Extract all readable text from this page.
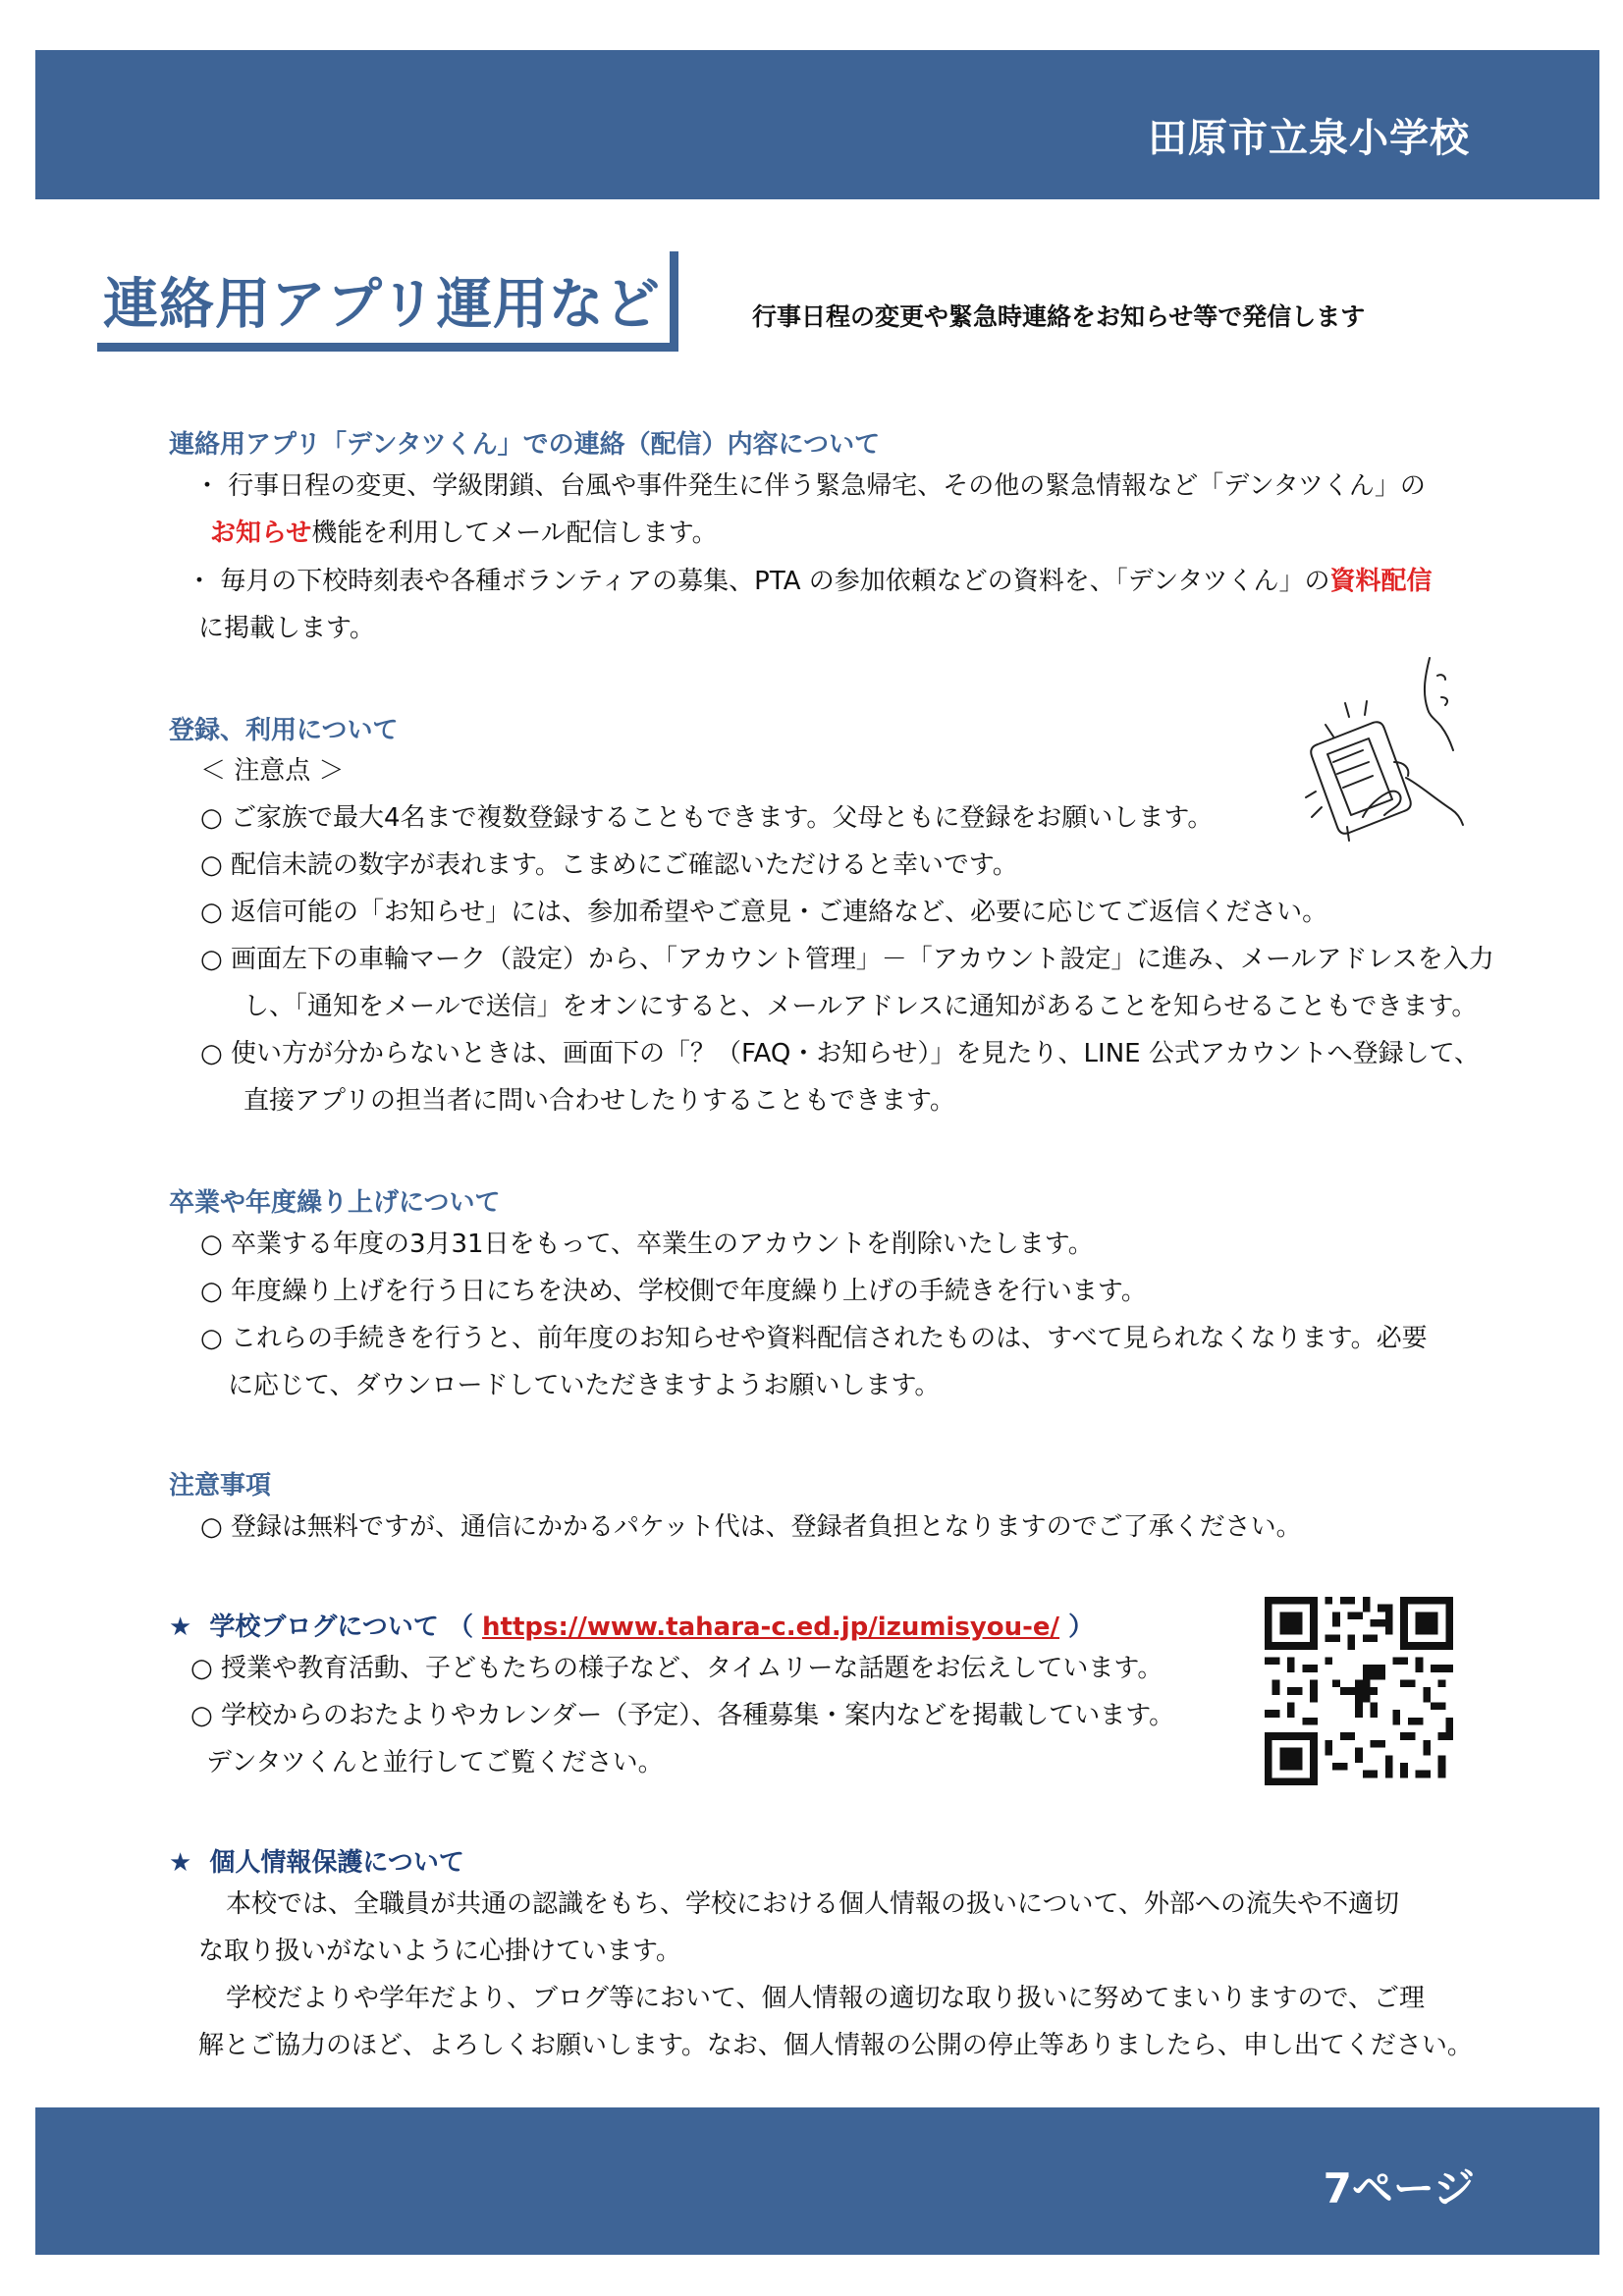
田原市立泉小学校
連絡用アプリ運用など	行事日程の変更や緊急時連絡をお知らせ等で発信します
連絡用アプリ「デンタツくん」での連絡（配信）内容について
・ 行事日程の変更、学級閉鎖、台風や事件発生に伴う緊急帰宅、その他の緊急情報など「デンタツくん」の
お知らせ機能を利用してメール配信します。
・ 毎月の下校時刻表や各種ボランティアの募集、PTA の参加依頼などの資料を、「デンタツくん」の資料配信
に掲載します。
登録、利用について
＜ 注意点 ＞
○ ご家族で最大4名まで複数登録することもできます。父母ともに登録をお願いします。
○ 配信未読の数字が表れます。こまめにご確認いただけると幸いです。
○ 返信可能の「お知らせ」には、参加希望やご意見・ご連絡など、必要に応じてご返信ください。
○ 画面左下の車輪マーク（設定）から、「アカウント管理」－「アカウント設定」に進み、メールアドレスを入力
し、「通知をメールで送信」をオンにすると、メールアドレスに通知があることを知らせることもできます。
○ 使い方が分からないときは、画面下の「？（FAQ・お知らせ）」を見たり、LINE 公式アカウントへ登録して、
直接アプリの担当者に問い合わせしたりすることもできます。
卒業や年度繰り上げについて
○ 卒業する年度の3月31日をもって、卒業生のアカウントを削除いたします。
○ 年度繰り上げを行う日にちを決め、学校側で年度繰り上げの手続きを行います。
○ これらの手続きを行うと、前年度のお知らせや資料配信されたものは、すべて見られなくなります。必要
に応じて、ダウンロードしていただきますようお願いします。
注意事項
○ 登録は無料ですが、通信にかかるパケット代は、登録者負担となりますのでご了承ください。
★ 学校ブログについて （ https://www.tahara-c.ed.jp/izumisyou-e/ ）
○ 授業や教育活動、子どもたちの様子など、タイムリーな話題をお伝えしています。
○ 学校からのおたよりやカレンダー（予定）、各種募集・案内などを掲載しています。
デンタツくんと並行してご覧ください。
★ 個人情報保護について
本校では、全職員が共通の認識をもち、学校における個人情報の扱いについて、外部への流失や不適切
な取り扱いがないように心掛けています。
学校だよりや学年だより、ブログ等において、個人情報の適切な取り扱いに努めてまいりますので、ご理
解とご協力のほど、よろしくお願いします。なお、個人情報の公開の停止等ありましたら、申し出てください。
7ページ
